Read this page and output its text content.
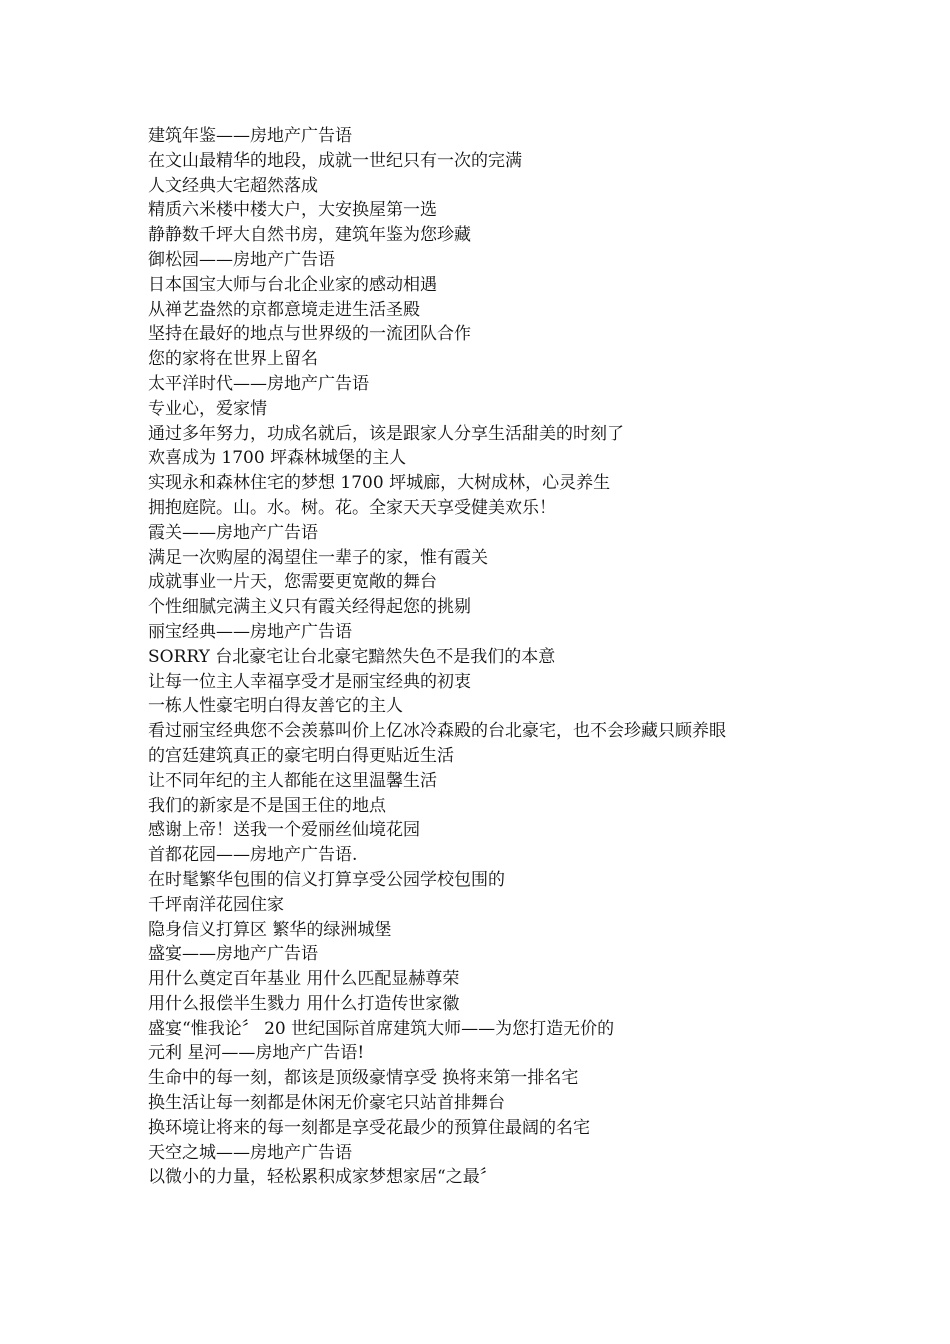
建筑年鉴——房地产广告语
在文山最精华的地段，成就一世纪只有一次的完满
人文经典大宅超然落成
精质六米楼中楼大户，大安换屋第一选
静静数千坪大自然书房，建筑年鉴为您珍藏
御松园——房地产广告语
日本国宝大师与台北企业家的感动相遇
从禅艺盎然的京都意境走进生活圣殿
坚持在最好的地点与世界级的一流团队合作
您的家将在世界上留名
太平洋时代——房地产广告语
专业心，爱家情
通过多年努力，功成名就后，该是跟家人分享生活甜美的时刻了
欢喜成为 1700 坪森林城堡的主人
实现永和森林住宅的梦想 1700 坪城廊，大树成林，心灵养生
拥抱庭院。山。水。树。花。全家天天享受健美欢乐！
霞关——房地产广告语
满足一次购屋的渴望住一辈子的家，惟有霞关
成就事业一片天，您需要更宽敞的舞台
个性细腻完满主义只有霞关经得起您的挑剔
丽宝经典——房地产广告语
SORRY 台北豪宅让台北豪宅黯然失色不是我们的本意
让每一位主人幸福享受才是丽宝经典的初衷
一栋人性豪宅明白得友善它的主人
看过丽宝经典您不会羡慕叫价上亿冰冷森殿的台北豪宅，也不会珍藏只顾养眼
的宫廷建筑真正的豪宅明白得更贴近生活
让不同年纪的主人都能在这里温馨生活
我们的新家是不是国王住的地点
感谢上帝！送我一个爱丽丝仙境花园
首都花园——房地产广告语.
在时髦繁华包围的信义打算享受公园学校包围的
千坪南洋花园住家
隐身信义打算区 繁华的绿洲城堡
盛宴——房地产广告语
用什么奠定百年基业 用什么匹配显赫尊荣
用什么报偿半生戮力 用什么打造传世家徽
盛宴“惟我论〞 20 世纪国际首席建筑大师——为您打造无价的
元利 星河——房地产广告语!
生命中的每一刻，都该是顶级豪情享受 换将来第一排名宅
换生活让每一刻都是休闲无价豪宅只站首排舞台
换环境让将来的每一刻都是享受花最少的预算住最阔的名宅
天空之城——房地产广告语
以微小的力量，轻松累积成家梦想家居“之最〞
